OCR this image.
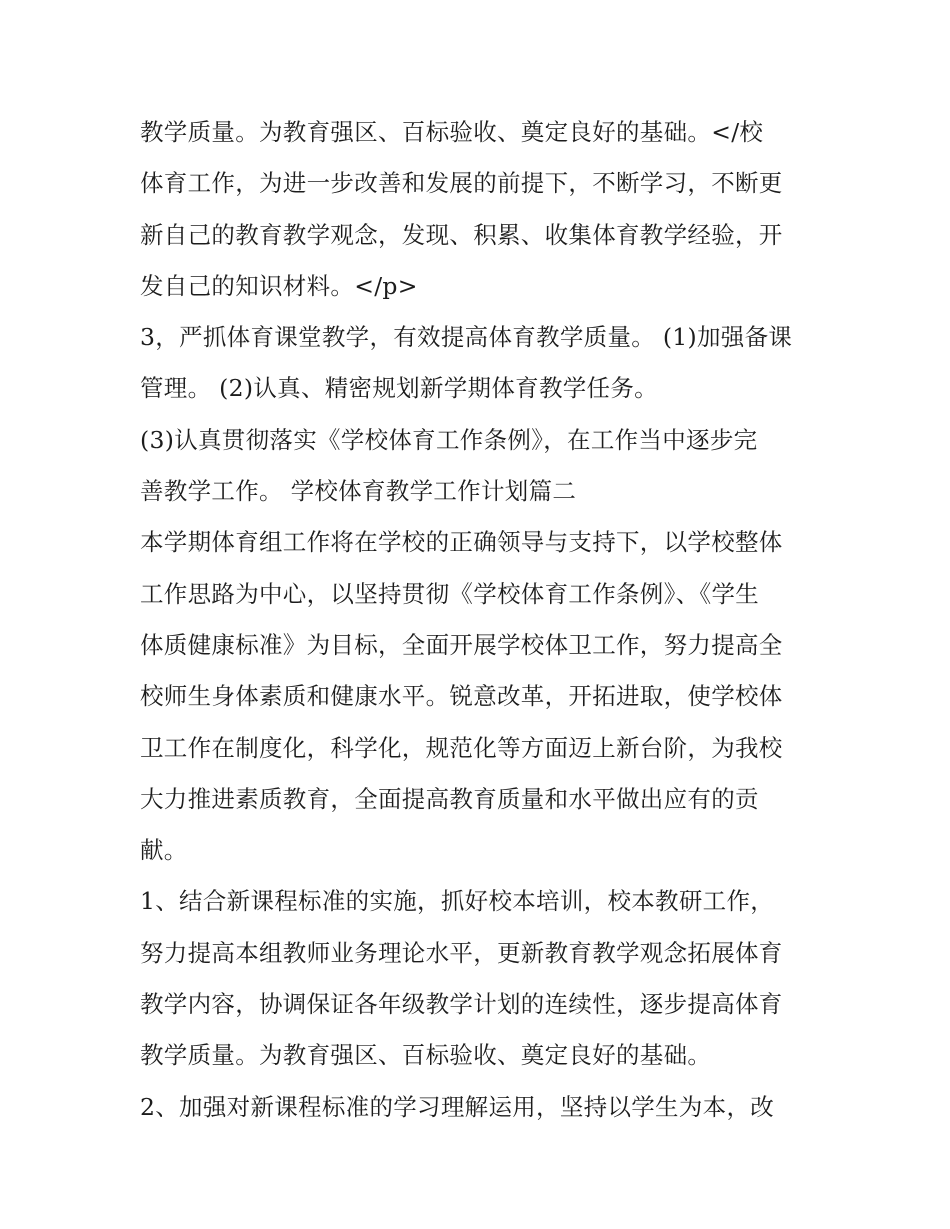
教学质量。为教育强区、百标验收、奠定良好的基础。</校
体育工作，为进一步改善和发展的前提下，不断学习，不断更
新自己的教育教学观念，发现、积累、收集体育教学经验，开
发自己的知识材料。</p>
3，严抓体育课堂教学，有效提高体育教学质量。 (1)加强备课
管理。 (2)认真、精密规划新学期体育教学任务。
(3)认真贯彻落实《学校体育工作条例》，在工作当中逐步完
善教学工作。 学校体育教学工作计划篇二
本学期体育组工作将在学校的正确领导与支持下，以学校整体
工作思路为中心，以坚持贯彻《学校体育工作条例》、《学生
体质健康标准》为目标，全面开展学校体卫工作，努力提高全
校师生身体素质和健康水平。锐意改革，开拓进取，使学校体
卫工作在制度化，科学化，规范化等方面迈上新台阶，为我校
大力推进素质教育，全面提高教育质量和水平做出应有的贡
献。
1、结合新课程标准的实施，抓好校本培训，校本教研工作，
努力提高本组教师业务理论水平，更新教育教学观念拓展体育
教学内容，协调保证各年级教学计划的连续性，逐步提高体育
教学质量。为教育强区、百标验收、奠定良好的基础。
2、加强对新课程标准的学习理解运用，坚持以学生为本，改
